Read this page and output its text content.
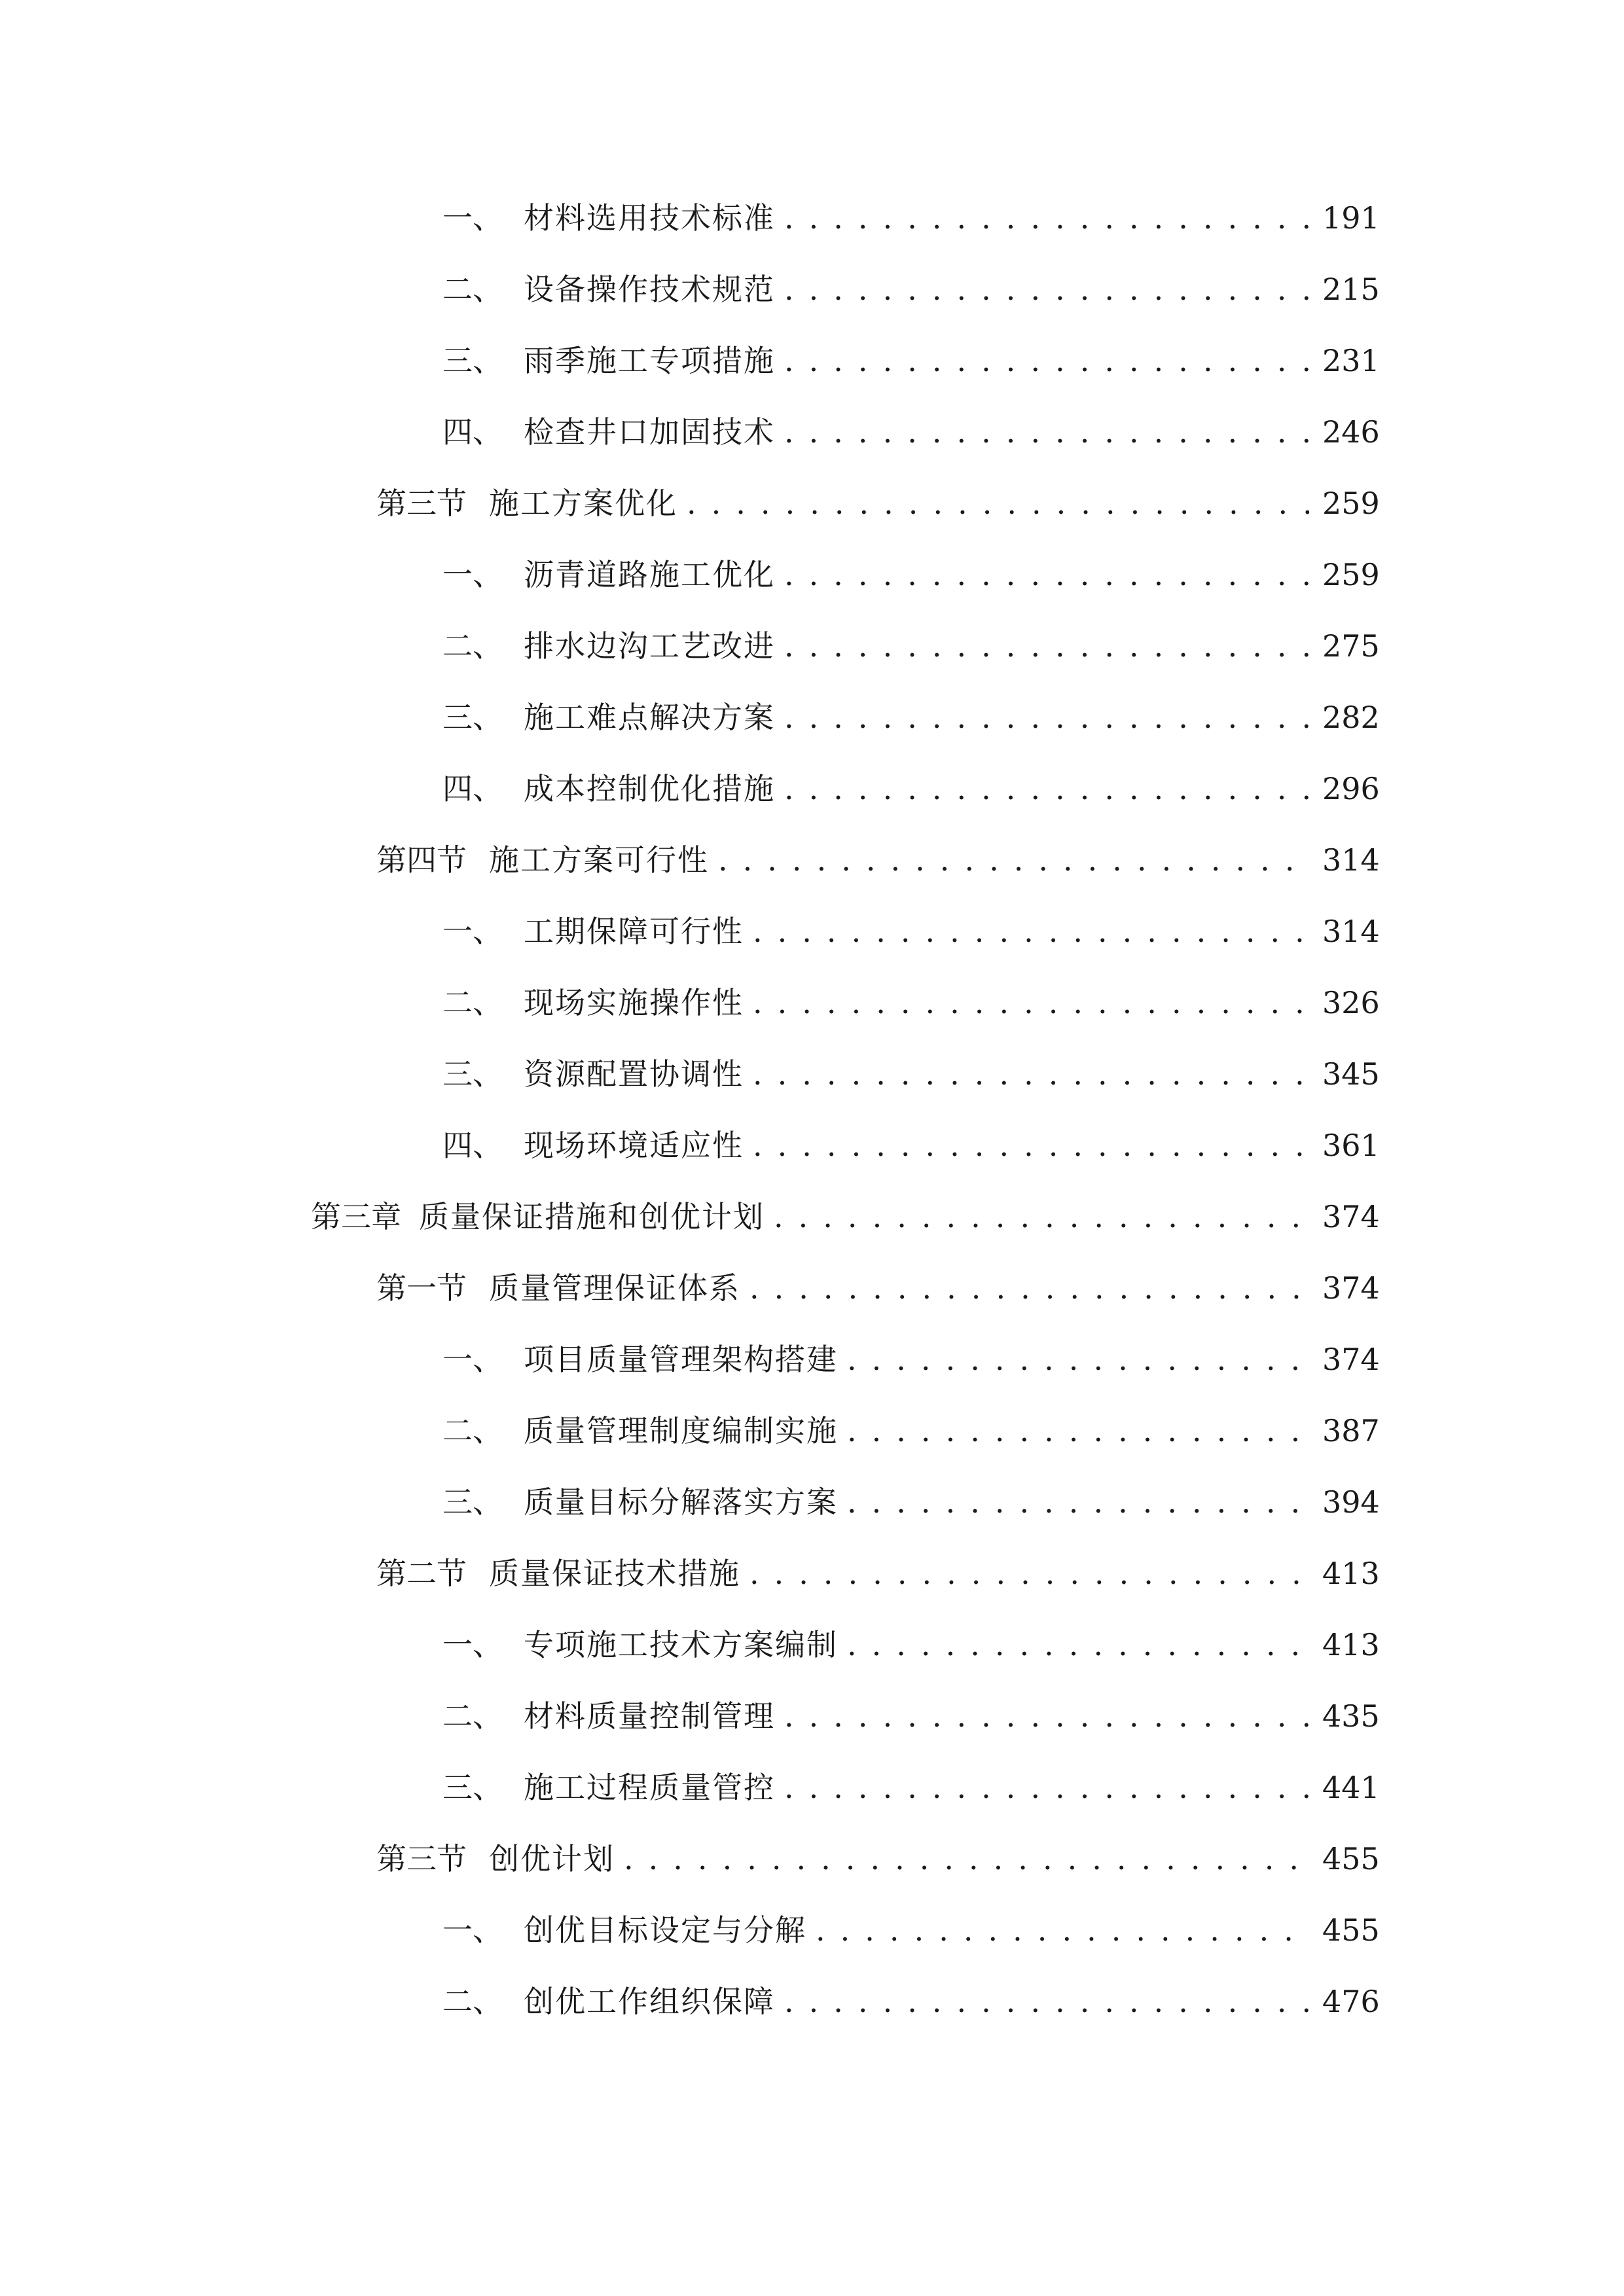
一、 材料选用技术标准 . . .	191
二、 设备操作技术规范 . . .	215
三、 雨季施工专项措施 . . .	231
四、 检查井口加固技术 . . .	246
第三节 施工方案优化 . . .	259
一、 沥青道路施工优化 . . .	259
二、 排水边沟工艺改进 . . .	275
三、 施工难点解决方案 . . .	282
四、 成本控制优化措施 . . .	296
第四节 施工方案可行性 . . .	314
一、 工期保障可行性 . . .	314
二、 现场实施操作性 . . .	326
三、 资源配置协调性 . . .	345
四、 现场环境适应性 . . .	361
第三章 质量保证措施和创优计划 . . .	374
第一节 质量管理保证体系 . . .	374
一、 项目质量管理架构搭建 . . .	374
二、 质量管理制度编制实施 . . .	387
三、 质量目标分解落实方案 . . .	394
第二节 质量保证技术措施 . . .	413
一、 专项施工技术方案编制 . . .	413
二、 材料质量控制管理 . . .	435
三、 施工过程质量管控 . . .	441
第三节 创优计划 . . .	455
一、 创优目标设定与分解 . . .	455
二、 创优工作组织保障 . . .	476
